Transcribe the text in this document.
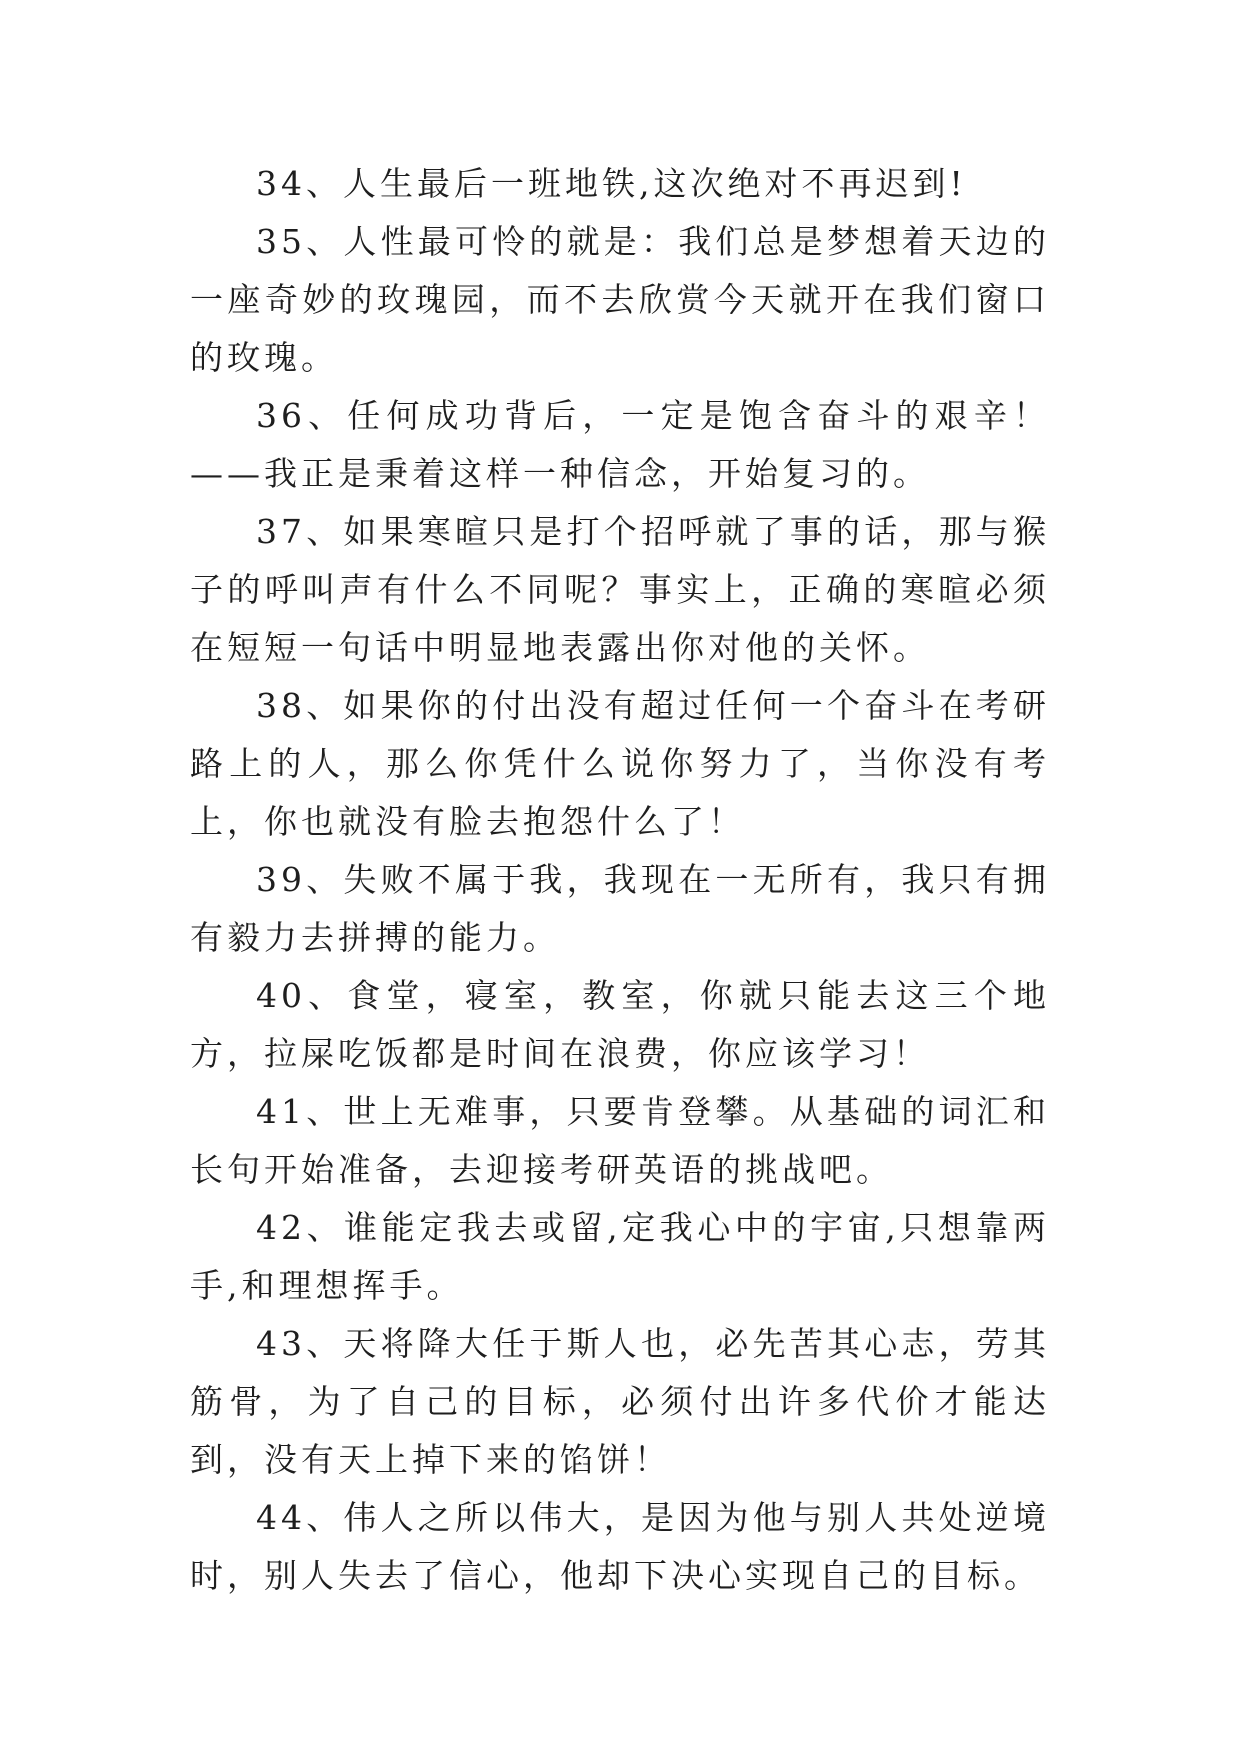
34、人生最后一班地铁,这次绝对不再迟到!

35、人性最可怜的就是：我们总是梦想着天边的一座奇妙的玫瑰园，而不去欣赏今天就开在我们窗口的玫瑰。

36、任何成功背后，一定是饱含奋斗的艰辛！——我正是秉着这样一种信念，开始复习的。

37、如果寒暄只是打个招呼就了事的话，那与猴子的呼叫声有什么不同呢？事实上，正确的寒暄必须在短短一句话中明显地表露出你对他的关怀。

38、如果你的付出没有超过任何一个奋斗在考研路上的人，那么你凭什么说你努力了，当你没有考上，你也就没有脸去抱怨什么了！

39、失败不属于我，我现在一无所有，我只有拥有毅力去拼搏的能力。

40、食堂，寝室，教室，你就只能去这三个地方，拉屎吃饭都是时间在浪费，你应该学习！

41、世上无难事，只要肯登攀。从基础的词汇和长句开始准备，去迎接考研英语的挑战吧。

42、谁能定我去或留,定我心中的宇宙,只想靠两手,和理想挥手。

43、天将降大任于斯人也，必先苦其心志，劳其筋骨，为了自己的目标，必须付出许多代价才能达到，没有天上掉下来的馅饼！

44、伟人之所以伟大，是因为他与别人共处逆境时，别人失去了信心，他却下决心实现自己的目标。
